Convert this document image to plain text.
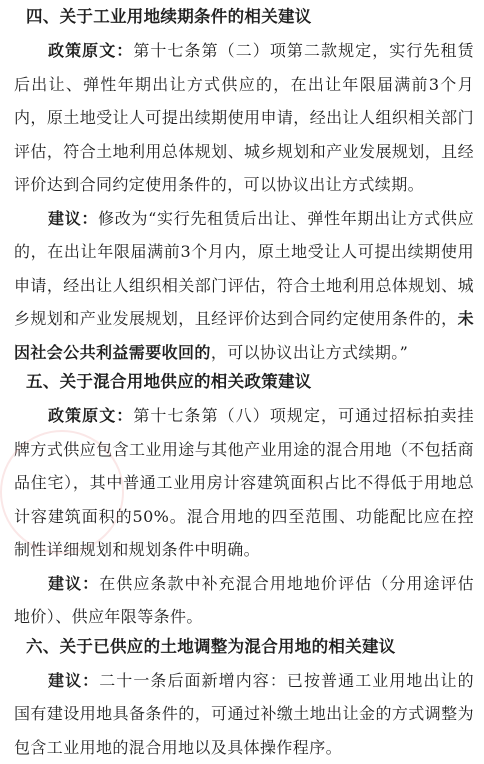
四、关于工业用地续期条件的相关建议

政策原文：第十七条第（二）项第二款规定，实行先租赁后出让、弹性年期出让方式供应的，在出让年限届满前3个月内，原土地受让人可提出续期使用申请，经出让人组织相关部门评估，符合土地利用总体规划、城乡规划和产业发展规划，且经评价达到合同约定使用条件的，可以协议出让方式续期。

建议：修改为“实行先租赁后出让、弹性年期出让方式供应的，在出让年限届满前3个月内，原土地受让人可提出续期使用申请，经出让人组织相关部门评估，符合土地利用总体规划、城乡规划和产业发展规划，且经评价达到合同约定使用条件的，未因社会公共利益需要收回的，可以协议出让方式续期。”

五、关于混合用地供应的相关政策建议

政策原文：第十七条第（八）项规定，可通过招标拍卖挂牌方式供应包含工业用途与其他产业用途的混合用地（不包括商品住宅），其中普通工业用房计容建筑面积占比不得低于用地总计容建筑面积的50%。混合用地的四至范围、功能配比应在控制性详细规划和规划条件中明确。

建议：在供应条款中补充混合用地地价评估（分用途评估地价）、供应年限等条件。

六、关于已供应的土地调整为混合用地的相关建议

建议：二十一条后面新增内容：已按普通工业用地出让的国有建设用地具备条件的，可通过补缴土地出让金的方式调整为包含工业用地的混合用地以及具体操作程序。
